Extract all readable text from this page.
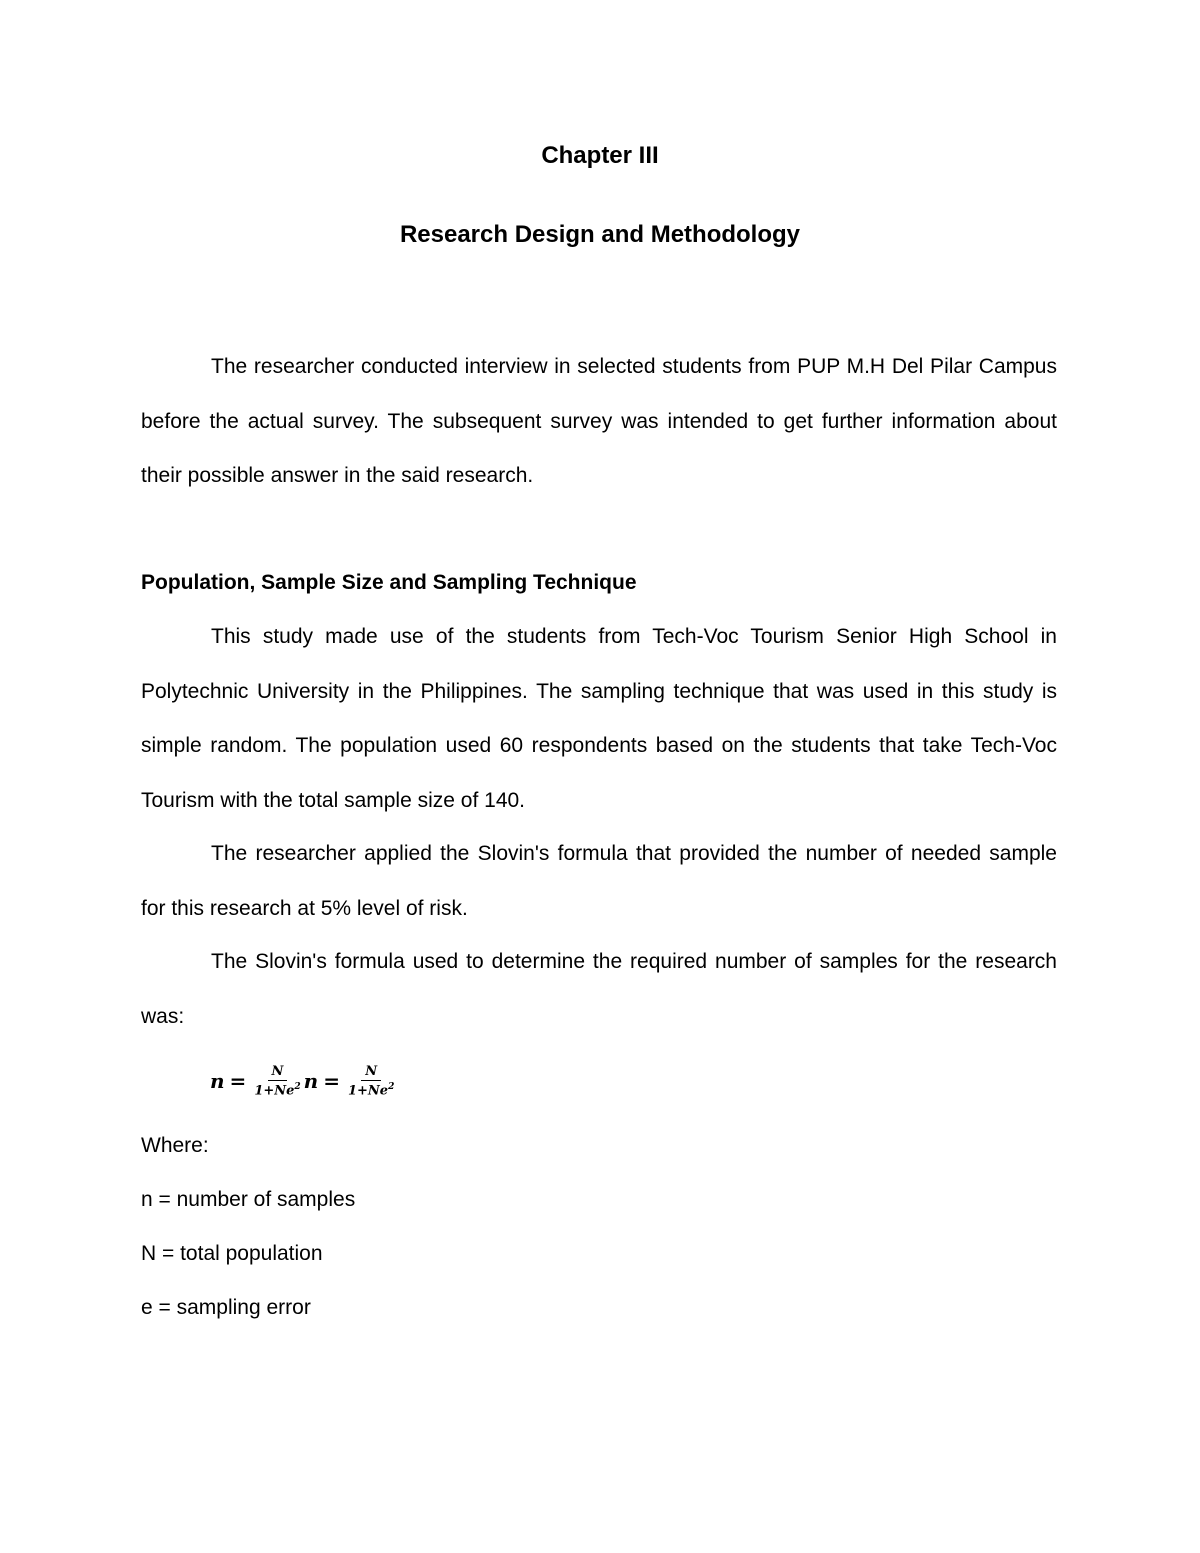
Chapter III
Research Design and Methodology

The researcher conducted interview in selected students from PUP M.H Del Pilar Campus before the actual survey. The subsequent survey was intended to get further information about their possible answer in the said research.

Population, Sample Size and Sampling Technique

This study made use of the students from Tech-Voc Tourism Senior High School in Polytechnic University in the Philippines. The sampling technique that was used in this study is simple random. The population used 60 respondents based on the students that take Tech-Voc Tourism with the total sample size of 140.

The researcher applied the Slovin's formula that provided the number of needed sample for this research at 5% level of risk.

The Slovin's formula used to determine the required number of samples for the research was:

$n = \frac{N}{1+Ne^2}$ $n = \frac{N}{1+Ne^2}$

Where:

n = number of samples

N = total population

e = sampling error
